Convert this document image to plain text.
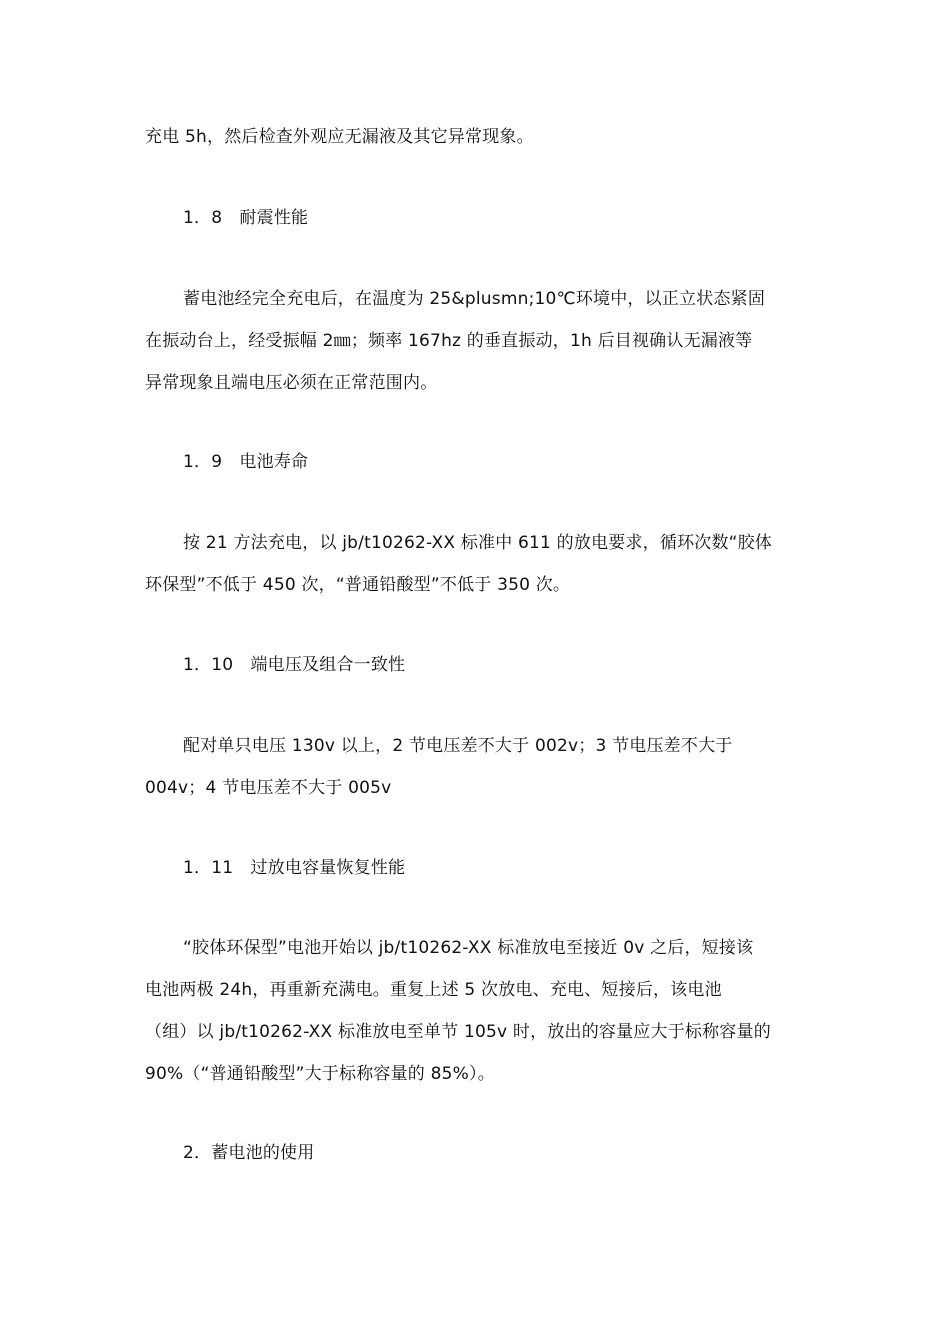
充电 5h，然后检查外观应无漏液及其它异常现象。
1．8　耐震性能
蓄电池经完全充电后，在温度为 25&plusmn;10℃环境中，以正立状态紧固
在振动台上，经受振幅 2㎜；频率 167hz 的垂直振动，1h 后目视确认无漏液等
异常现象且端电压必须在正常范围内。
1．9　电池寿命
按 21 方法充电，以 jb/t10262-XX 标准中 611 的放电要求，循环次数“胶体
环保型”不低于 450 次，“普通铅酸型”不低于 350 次。
1．10　端电压及组合一致性
配对单只电压 130v 以上，2 节电压差不大于 002v；3 节电压差不大于
004v；4 节电压差不大于 005v
1．11　过放电容量恢复性能
“胶体环保型”电池开始以 jb/t10262-XX 标准放电至接近 0v 之后，短接该
电池两极 24h，再重新充满电。重复上述 5 次放电、充电、短接后，该电池
（组）以 jb/t10262-XX 标准放电至单节 105v 时，放出的容量应大于标称容量的
90%（“普通铅酸型”大于标称容量的 85%）。
2．蓄电池的使用
